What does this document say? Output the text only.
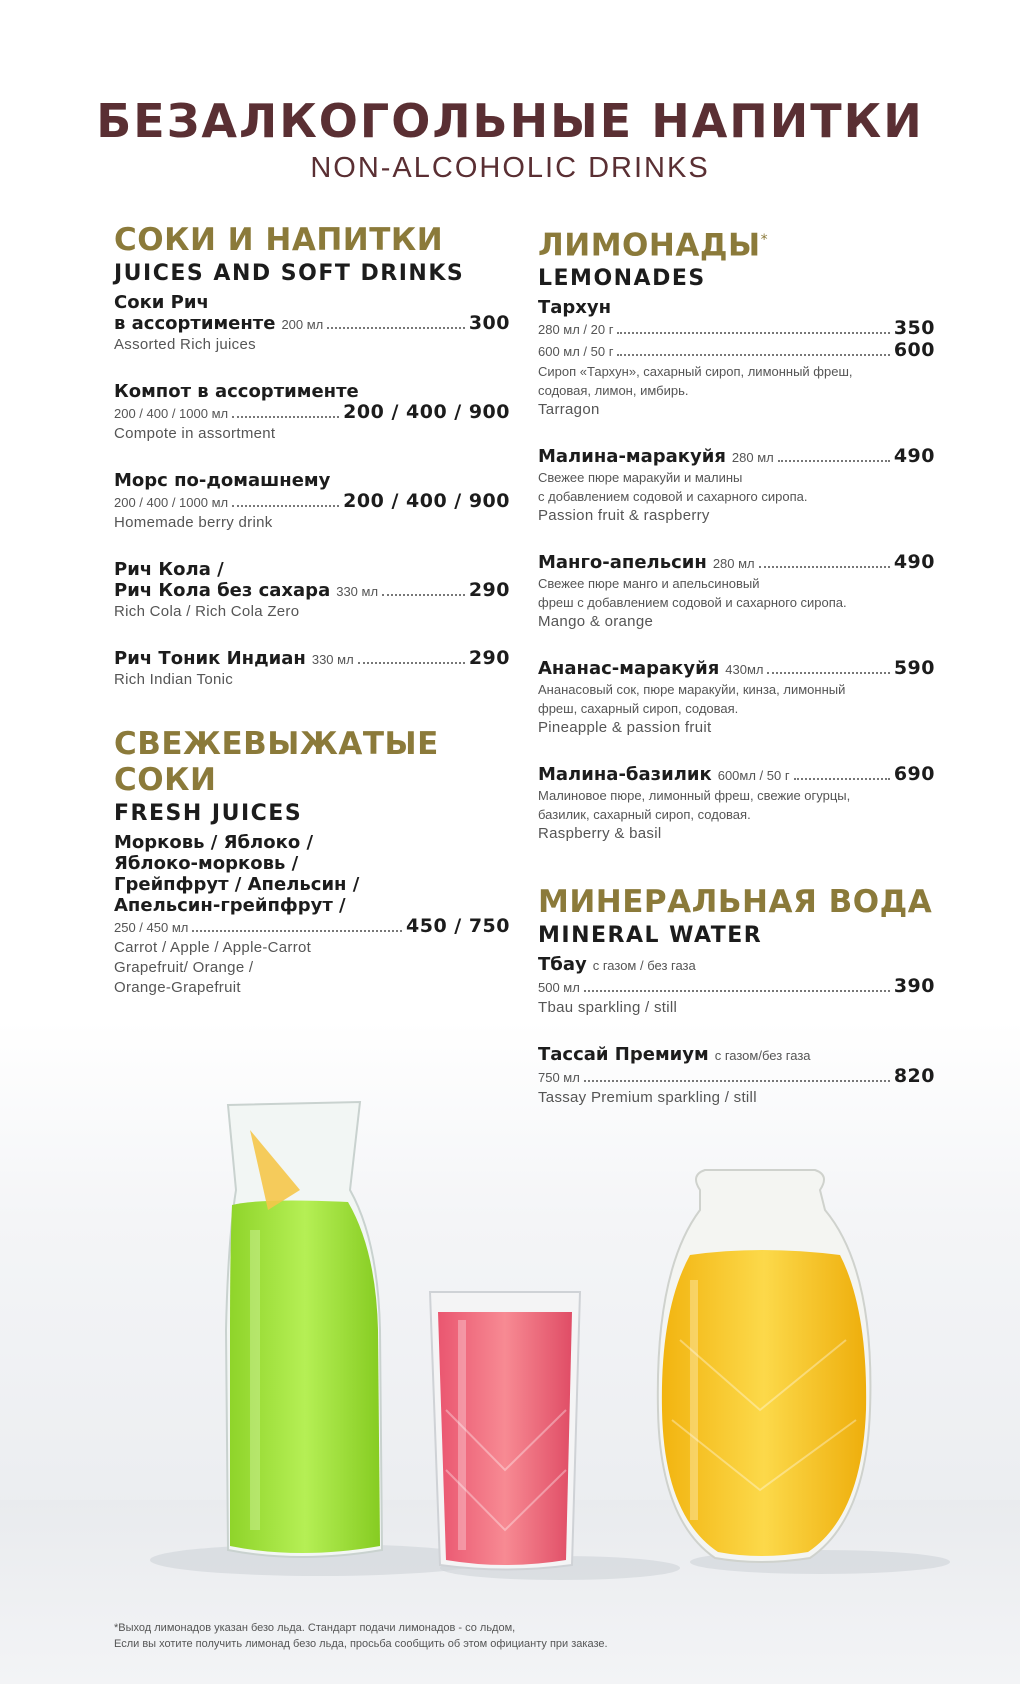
БЕЗАЛКОГОЛЬНЫЕ НАПИТКИ
NON-ALCOHOLIC DRINKS
СОКИ И НАПИТКИ
JUICES AND SOFT DRINKS
Соки Рич
в ассортименте 200 мл	300
Assorted Rich juices
Компот в ассортименте
200 / 400 / 1000 мл	200 / 400 / 900
Compote in assortment
Морс по-домашнему
200 / 400 / 1000 мл	200 / 400 / 900
Homemade berry drink
Рич Кола /
Рич Кола без сахара 330 мл	290
Rich Cola / Rich Cola Zero
Рич Тоник Индиан 330 мл	290
Rich Indian Tonic
СВЕЖЕВЫЖАТЫЕ
СОКИ
FRESH JUICES
Морковь / Яблоко /
Яблоко-морковь /
Грейпфрут / Апельсин /
Апельсин-грейпфрут /
250 / 450 мл	450 / 750
Carrot / Apple / Apple-Carrot
Grapefruit/ Orange /
Orange-Grapefruit
ЛИМОНАДЫ*
LEMONADES
Тархун
280 мл / 20 г	350
600 мл / 50 г	600
Сироп «Тархун», сахарный сироп, лимонный фреш,
содовая, лимон, имбирь.
Tarragon
Малина-маракуйя 280 мл	490
Свежее пюре маракуйи и малины
с добавлением содовой и сахарного сиропа.
Passion fruit & raspberry
Манго-апельсин 280 мл	490
Свежее пюре манго и апельсиновый
фреш с добавлением содовой и сахарного сиропа.
Mango & orange
Ананас-маракуйя 430мл	590
Ананасовый сок, пюре маракуйи, кинза, лимонный
фреш, сахарный сироп, содовая.
Pineapple & passion fruit
Малина-базилик 600мл / 50 г	690
Малиновое пюре, лимонный фреш, свежие огурцы,
базилик, сахарный сироп, содовая.
Raspberry & basil
МИНЕРАЛЬНАЯ ВОДА
MINERAL WATER
Тбау с газом / без газа
500 мл	390
Tbau sparkling / still
Тассай Премиум с газом/без газа
750 мл	820
Tassay Premium sparkling / still
*Выход лимонадов указан безо льда. Стандарт подачи лимонадов - со льдом,
Если вы хотите получить лимонад безо льда, просьба сообщить об этом официанту при заказе.
